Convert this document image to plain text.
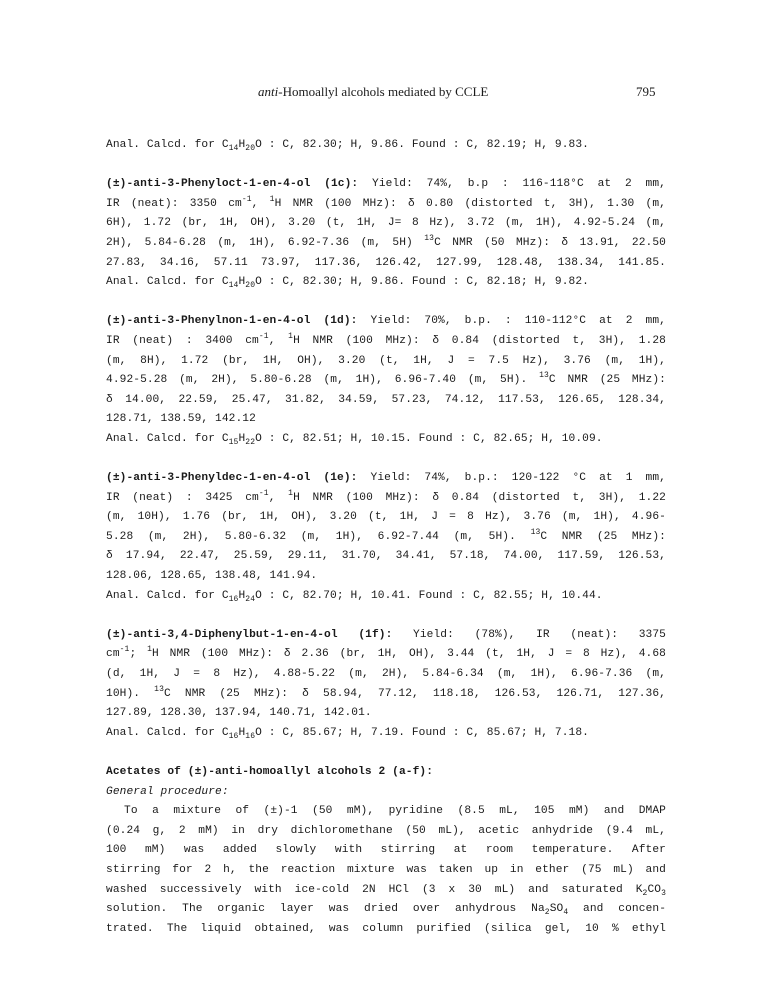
anti-Homoallyl alcohols mediated by CCLE	795
Anal. Calcd. for $C_{14}H_{20}O$ : C, 82.30; H, 9.86. Found : C, 82.19; H, 9.83.
(±)-anti-3-Phenyloct-1-en-4-ol (1c): Yield: 74%, b.p : 116-118°C at 2 mm,
IR (neat): 3350 $cm^{-1}$, $^1$H NMR (100 MHz): δ 0.80 (distorted t, 3H), 1.30 (m,
6H), 1.72 (br, 1H, OH), 3.20 (t, 1H, J= 8 Hz), 3.72 (m, 1H), 4.92-5.24 (m,
2H), 5.84-6.28 (m, 1H), 6.92-7.36 (m, 5H) $^{13}$C NMR (50 MHz): δ 13.91, 22.50
27.83, 34.16, 57.11 73.97, 117.36, 126.42, 127.99, 128.48, 138.34, 141.85.
Anal. Calcd. for $C_{14}H_{20}O$ : C, 82.30; H, 9.86. Found : C, 82.18; H, 9.82.
(±)-anti-3-Phenylnon-1-en-4-ol (1d): Yield: 70%, b.p. : 110-112°C at 2 mm,
IR (neat) : 3400 $cm^{-1}$, $^1$H NMR (100 MHz): δ 0.84 (distorted t, 3H), 1.28
(m, 8H), 1.72 (br, 1H, OH), 3.20 (t, 1H, J = 7.5 Hz), 3.76 (m, 1H),
4.92-5.28 (m, 2H), 5.80-6.28 (m, 1H), 6.96-7.40 (m, 5H). $^{13}$C NMR (25 MHz):
δ 14.00, 22.59, 25.47, 31.82, 34.59, 57.23, 74.12, 117.53, 126.65, 128.34,
128.71, 138.59, 142.12
Anal. Calcd. for $C_{15}H_{22}O$ : C, 82.51; H, 10.15. Found : C, 82.65; H, 10.09.
(±)-anti-3-Phenyldec-1-en-4-ol (1e): Yield: 74%, b.p.: 120-122 °C at 1 mm,
IR (neat) : 3425 $cm^{-1}$, $^1$H NMR (100 MHz): δ 0.84 (distorted t, 3H), 1.22
(m, 10H), 1.76 (br, 1H, OH), 3.20 (t, 1H, J = 8 Hz), 3.76 (m, 1H), 4.96-
5.28 (m, 2H), 5.80-6.32 (m, 1H), 6.92-7.44 (m, 5H). $^{13}$C NMR (25 MHz):
δ 17.94, 22.47, 25.59, 29.11, 31.70, 34.41, 57.18, 74.00, 117.59, 126.53,
128.06, 128.65, 138.48, 141.94.
Anal. Calcd. for $C_{16}H_{24}O$ : C, 82.70; H, 10.41. Found : C, 82.55; H, 10.44.
(±)-anti-3,4-Diphenylbut-1-en-4-ol (1f): Yield: (78%), IR (neat): 3375
$cm^{-1}$; $^1$H NMR (100 MHz): δ 2.36 (br, 1H, OH), 3.44 (t, 1H, J = 8 Hz), 4.68
(d, 1H, J = 8 Hz), 4.88-5.22 (m, 2H), 5.84-6.34 (m, 1H), 6.96-7.36 (m,
10H). $^{13}$C NMR (25 MHz): δ 58.94, 77.12, 118.18, 126.53, 126.71, 127.36,
127.89, 128.30, 137.94, 140.71, 142.01.
Anal. Calcd. for $C_{16}H_{16}O$ : C, 85.67; H, 7.19. Found : C, 85.67; H, 7.18.
Acetates of (±)-anti-homoallyl alcohols 2 (a-f):
General procedure:
To a mixture of (±)-1 (50 mM), pyridine (8.5 mL, 105 mM) and DMAP
(0.24 g, 2 mM) in dry dichloromethane (50 mL), acetic anhydride (9.4 mL,
100 mM) was added slowly with stirring at room temperature. After
stirring for 2 h, the reaction mixture was taken up in ether (75 mL) and
washed successively with ice-cold 2N HCl (3 x 30 mL) and saturated $K_2CO_3$
solution. The organic layer was dried over anhydrous $Na_2SO_4$ and concen-
trated. The liquid obtained, was column purified (silica gel, 10 % ethyl
